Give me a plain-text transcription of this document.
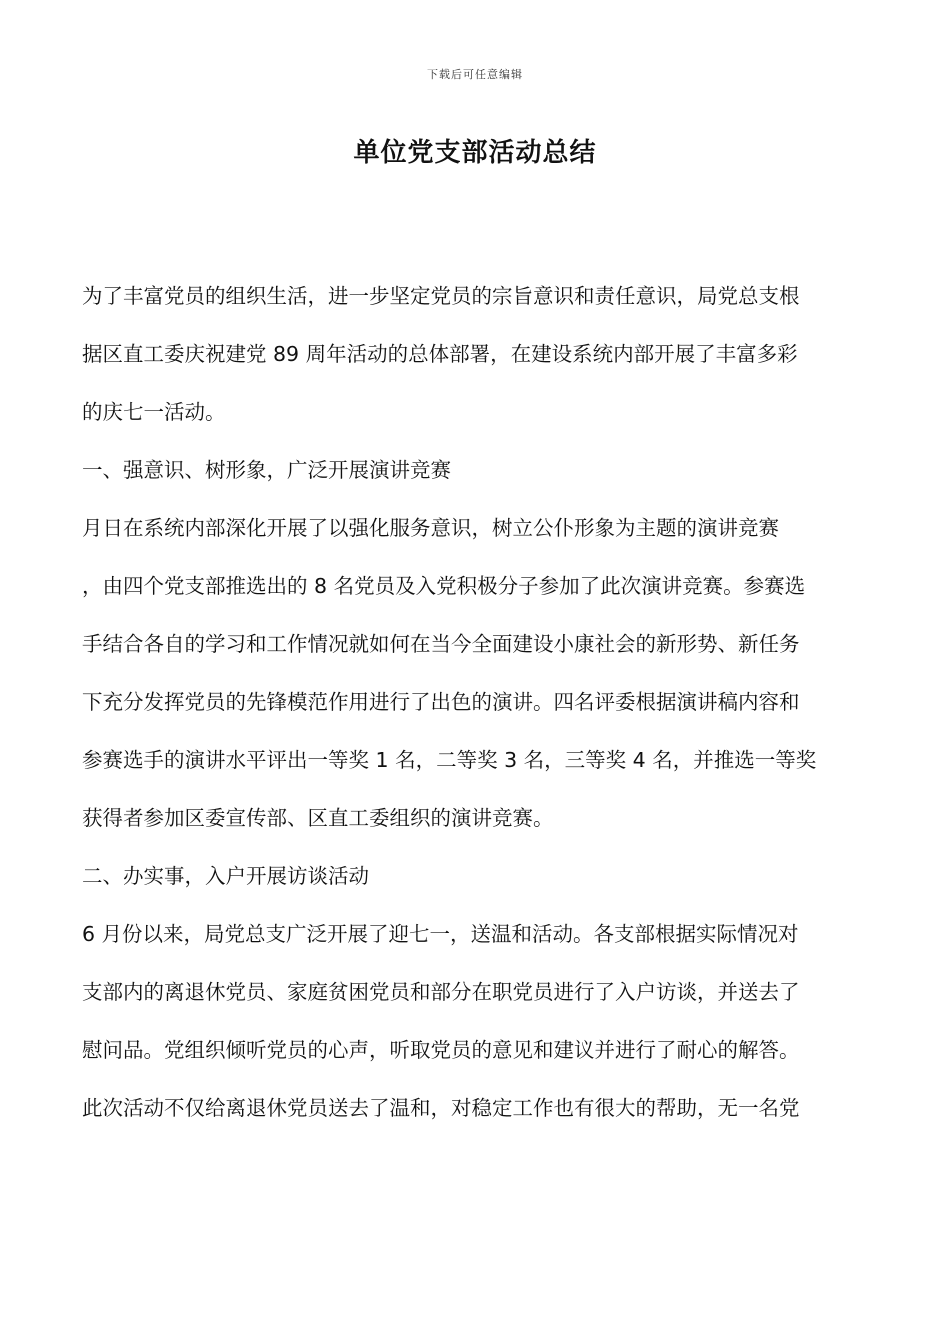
下载后可任意编辑
单位党支部活动总结
为了丰富党员的组织生活，进一步坚定党员的宗旨意识和责任意识，局党总支根
据区直工委庆祝建党 89 周年活动的总体部署，在建设系统内部开展了丰富多彩
的庆七一活动。
一、强意识、树形象，广泛开展演讲竞赛
月日在系统内部深化开展了以强化服务意识，树立公仆形象为主题的演讲竞赛
，由四个党支部推选出的 8 名党员及入党积极分子参加了此次演讲竞赛。参赛选
手结合各自的学习和工作情况就如何在当今全面建设小康社会的新形势、新任务
下充分发挥党员的先锋模范作用进行了出色的演讲。四名评委根据演讲稿内容和
参赛选手的演讲水平评出一等奖 1 名，二等奖 3 名，三等奖 4 名，并推选一等奖
获得者参加区委宣传部、区直工委组织的演讲竞赛。
二、办实事，入户开展访谈活动
6 月份以来，局党总支广泛开展了迎七一，送温和活动。各支部根据实际情况对
支部内的离退休党员、家庭贫困党员和部分在职党员进行了入户访谈，并送去了
慰问品。党组织倾听党员的心声，听取党员的意见和建议并进行了耐心的解答。
此次活动不仅给离退休党员送去了温和，对稳定工作也有很大的帮助，无一名党
